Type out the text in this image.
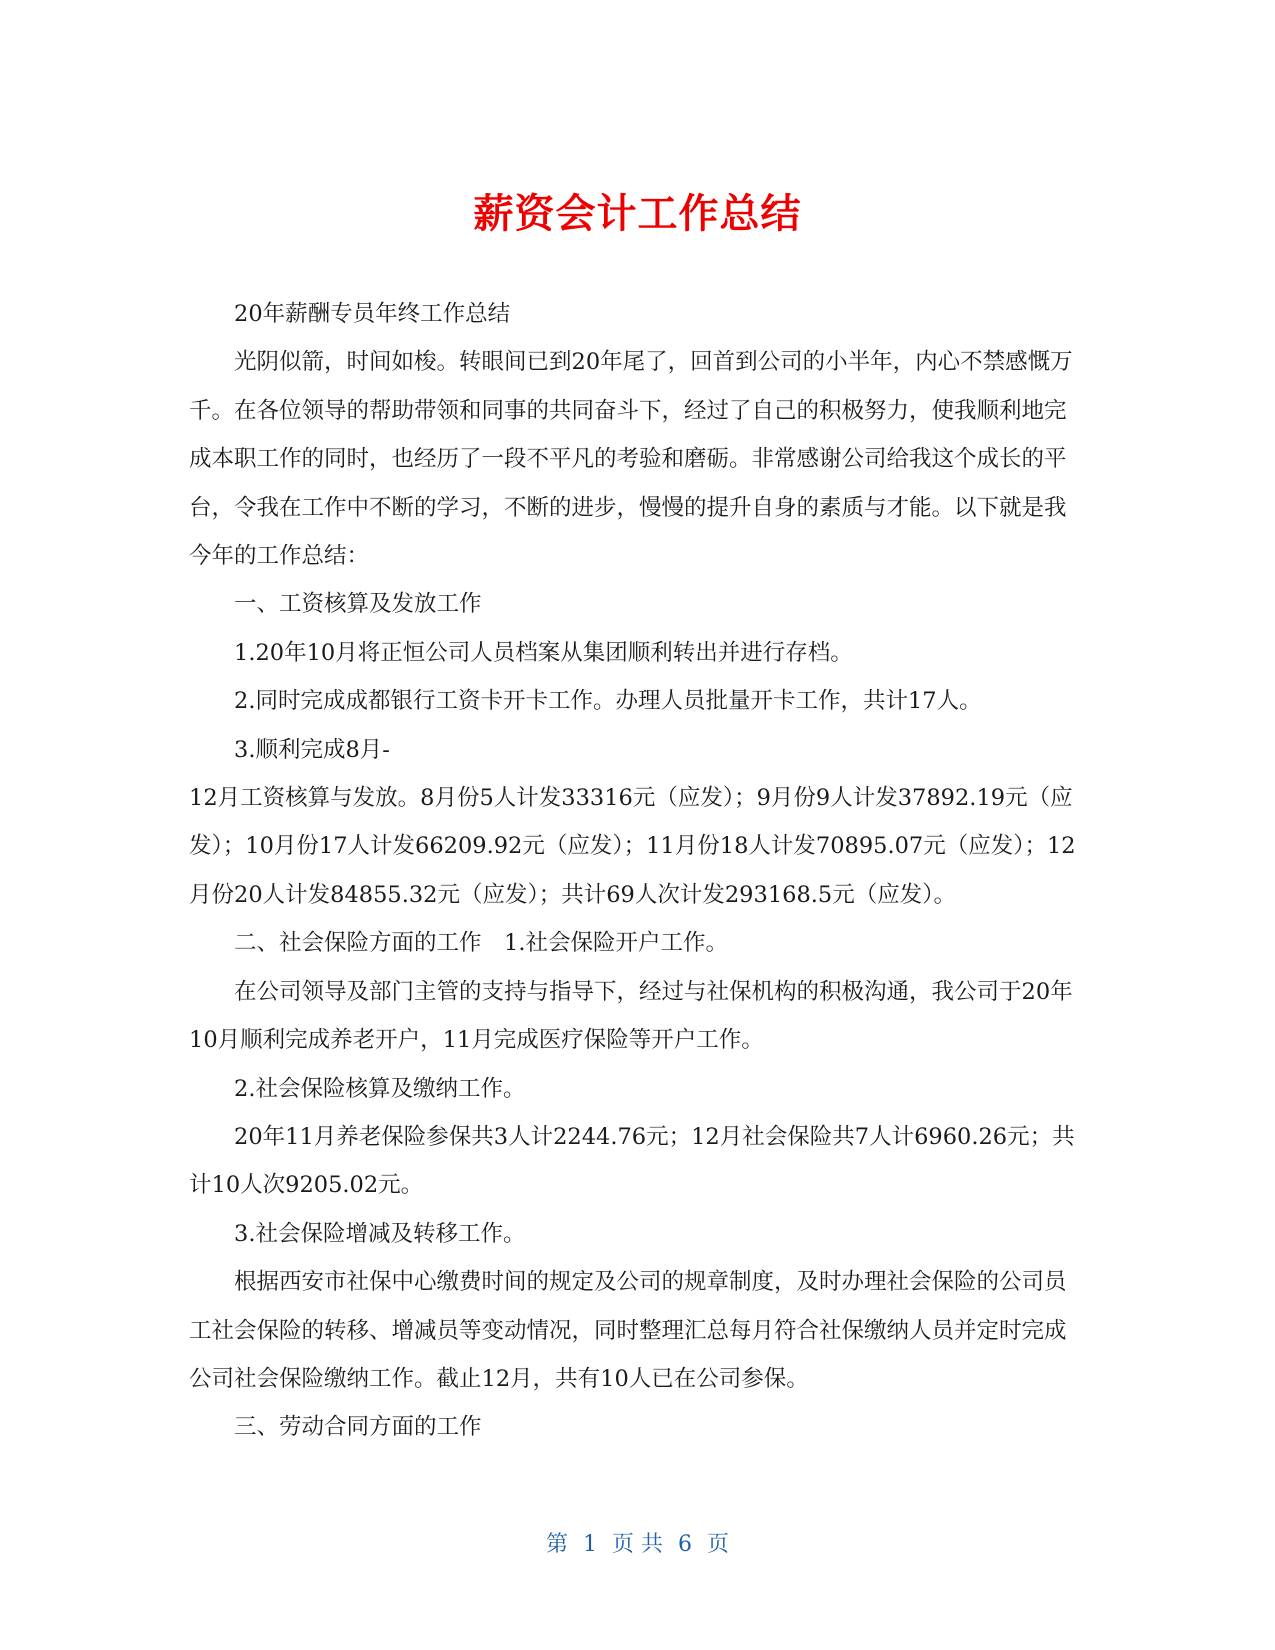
薪资会计工作总结

20年薪酬专员年终工作总结

光阴似箭，时间如梭。转眼间已到20年尾了，回首到公司的小半年，内心不禁感慨万千。在各位领导的帮助带领和同事的共同奋斗下，经过了自己的积极努力，使我顺利地完成本职工作的同时，也经历了一段不平凡的考验和磨砺。非常感谢公司给我这个成长的平台，令我在工作中不断的学习，不断的进步，慢慢的提升自身的素质与才能。以下就是我今年的工作总结：

一、工资核算及发放工作

1.20年10月将正恒公司人员档案从集团顺利转出并进行存档。

2.同时完成成都银行工资卡开卡工作。办理人员批量开卡工作，共计17人。

3.顺利完成8月-

12月工资核算与发放。8月份5人计发33316元（应发）；9月份9人计发37892.19元（应发）；10月份17人计发66209.92元（应发）；11月份18人计发70895.07元（应发）；12月份20人计发84855.32元（应发）；共计69人次计发293168.5元（应发）。

二、社会保险方面的工作　1.社会保险开户工作。

在公司领导及部门主管的支持与指导下，经过与社保机构的积极沟通，我公司于20年10月顺利完成养老开户，11月完成医疗保险等开户工作。

2.社会保险核算及缴纳工作。

20年11月养老保险参保共3人计2244.76元；12月社会保险共7人计6960.26元；共计10人次9205.02元。

3.社会保险增减及转移工作。

根据西安市社保中心缴费时间的规定及公司的规章制度，及时办理社会保险的公司员工社会保险的转移、增减员等变动情况，同时整理汇总每月符合社保缴纳人员并定时完成公司社会保险缴纳工作。截止12月，共有10人已在公司参保。

三、劳动合同方面的工作

第 1 页 共 6 页
